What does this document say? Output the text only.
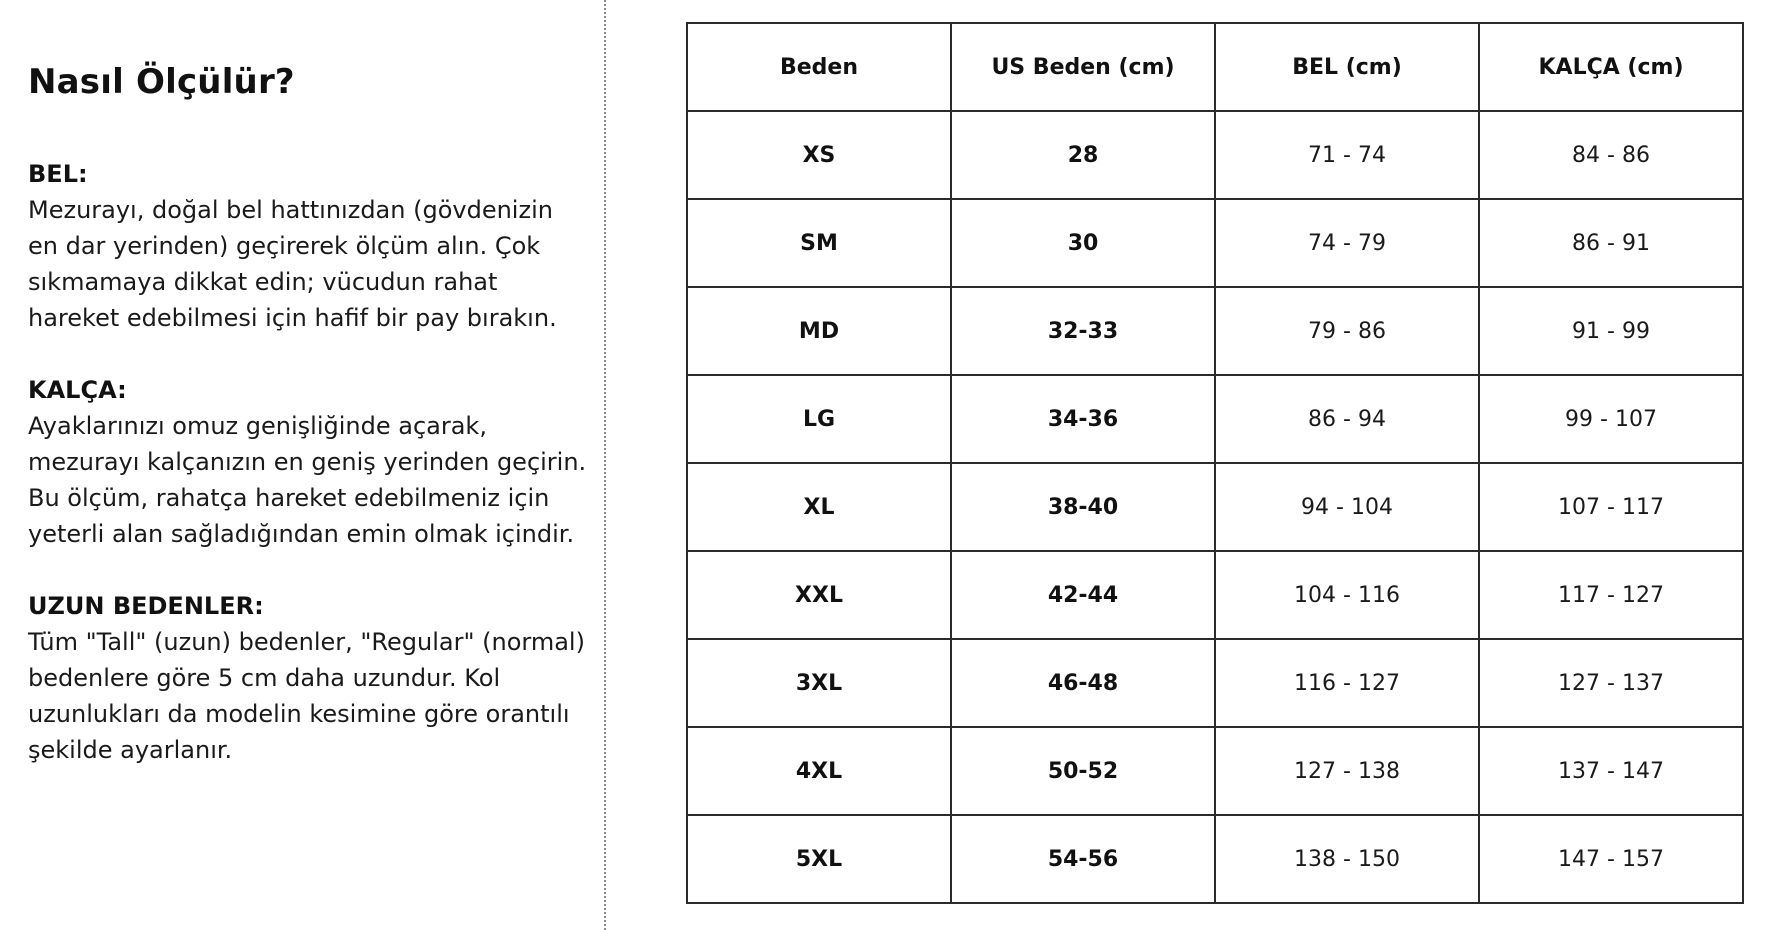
Nasıl Ölçülür?
BEL:
Mezurayı, doğal bel hattınızdan (gövdenizin en dar yerinden) geçirerek ölçüm alın. Çok sıkmamaya dikkat edin; vücudun rahat hareket edebilmesi için hafif bir pay bırakın.
KALÇA:
Ayaklarınızı omuz genişliğinde açarak, mezurayı kalçanızın en geniş yerinden geçirin. Bu ölçüm, rahatça hareket edebilmeniz için yeterli alan sağladığından emin olmak içindir.
UZUN BEDENLER:
Tüm "Tall" (uzun) bedenler, "Regular" (normal) bedenlere göre 5 cm daha uzundur. Kol uzunlukları da modelin kesimine göre orantılı şekilde ayarlanır.
Beden	US Beden (cm)	BEL (cm)	KALÇA (cm)
XS	28	71 - 74	84 - 86
SM	30	74 - 79	86 - 91
MD	32-33	79 - 86	91 - 99
LG	34-36	86 - 94	99 - 107
XL	38-40	94 - 104	107 - 117
XXL	42-44	104 - 116	117 - 127
3XL	46-48	116 - 127	127 - 137
4XL	50-52	127 - 138	137 - 147
5XL	54-56	138 - 150	147 - 157
